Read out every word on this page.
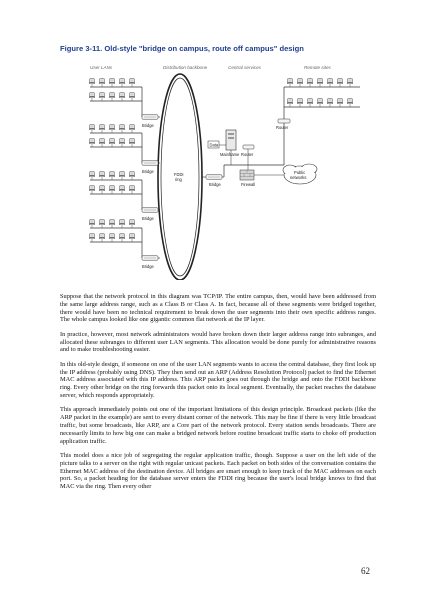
Figure 3-11. Old-style "bridge on campus, route off campus" design
User LANs	Distribution backbone	Central services	Remote sites
FDDI
ring
Bridge
Bridge
Bridge
Bridge
Bridge
Data
Mainframe Router
Firewall
Public
networks
Router

Suppose that the network protocol in this diagram was TCP/IP. The entire campus, then, would have been addressed from the same large address range, such as a Class B or Class A. In fact, because all of these segments were bridged together, there would have been no technical requirement to break down the user segments into their own specific address ranges. The whole campus looked like one gigantic common flat network at the IP layer.

In practice, however, most network administrators would have broken down their larger address range into subranges, and allocated these subranges to different user LAN segments. This allocation would be done purely for administrative reasons and to make troubleshooting easier.

In this old-style design, if someone on one of the user LAN segments wants to access the central database, they first look up the IP address (probably using DNS). They then send out an ARP (Address Resolution Protocol) packet to find the Ethernet MAC address associated with this IP address. This ARP packet goes out through the bridge and onto the FDDI backbone ring. Every other bridge on the ring forwards this packet onto its local segment. Eventually, the packet reaches the database server, which responds appropriately.

This approach immediately points out one of the important limitations of this design principle. Broadcast packets (like the ARP packet in the example) are sent to every distant corner of the network. This may be fine if there is very little broadcast traffic, but some broadcasts, like ARP, are a Core part of the network protocol. Every station sends broadcasts. There are necessarily limits to how big one can make a bridged network before routine broadcast traffic starts to choke off production application traffic.

This model does a nice job of segregating the regular application traffic, though. Suppose a user on the left side of the picture talks to a server on the right with regular unicast packets. Each packet on both sides of the conversation contains the Ethernet MAC address of the destination device. All bridges are smart enough to keep track of the MAC addresses on each port. So, a packet heading for the database server enters the FDDI ring because the user's local bridge knows to find that MAC via the ring. Then every other

62
